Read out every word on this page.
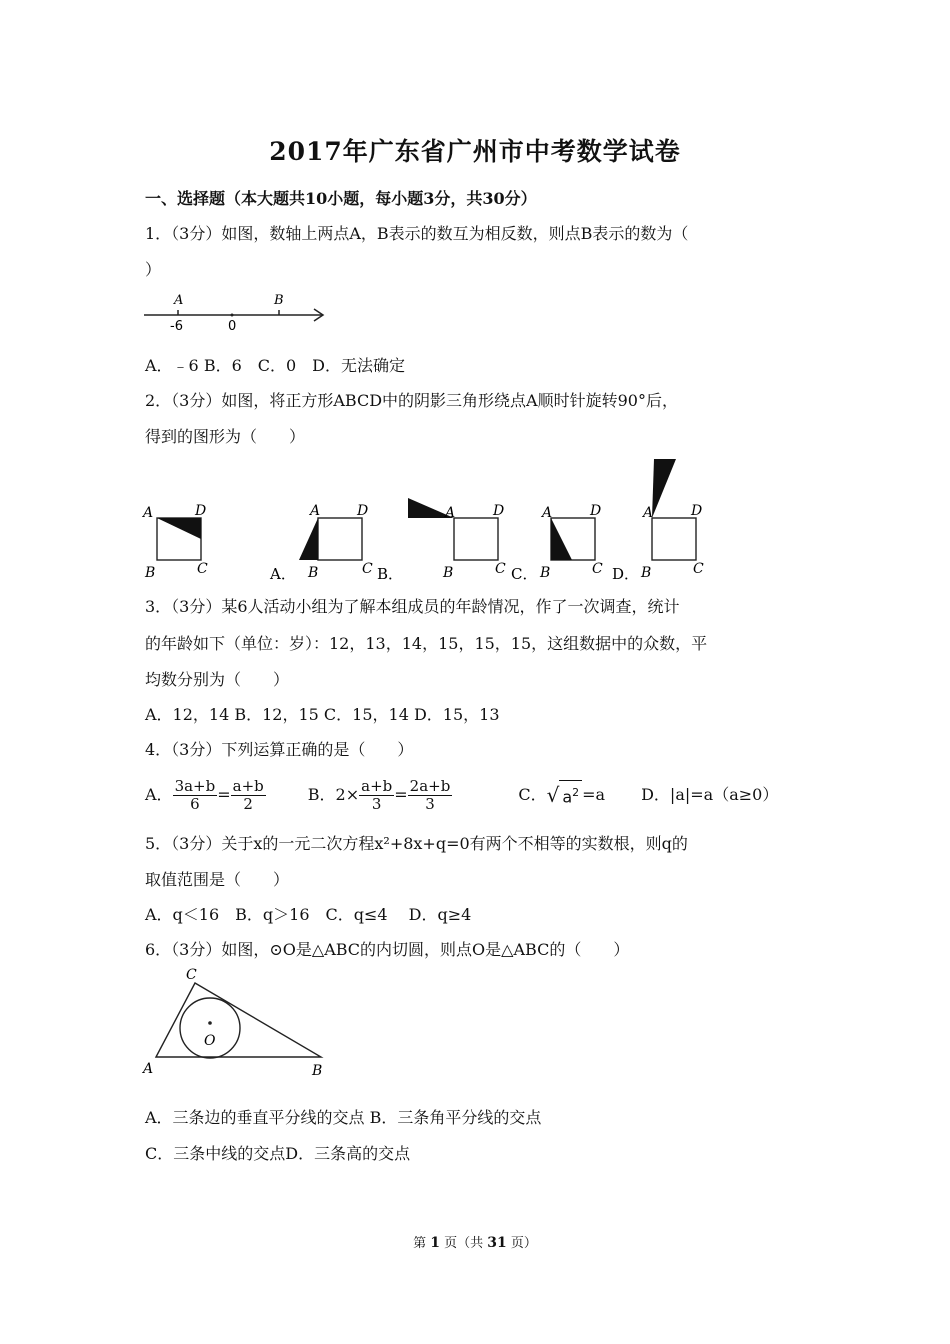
2017年广东省广州市中考数学试卷
一、选择题（本大题共10小题，每小题3分，共30分）
1．（3分）如图，数轴上两点A，B表示的数互为相反数，则点B表示的数为（
）
A	B
-6	0
A．﹣6 B．6　C．0　D．无法确定
2．（3分）如图，将正方形ABCD中的阴影三角形绕点A顺时针旋转90°后，
得到的图形为（　　）
A	D
B	C
A	D
B	C
A	D
B	C
A	D
B	C
A	D
B	C
A．	B．	C．	D．
3．（3分）某6人活动小组为了解本组成员的年龄情况，作了一次调查，统计
的年龄如下（单位：岁）：12，13，14，15，15，15，这组数据中的众数，平
均数分别为（　　）
A．12，14 B．12，15 C．15，14 D．15，13
4．（3分）下列运算正确的是（　　）
A． $\frac{3a+b}{6} = \frac{a+b}{2}$	B．$2\times \frac{a+b}{3} = \frac{2a+b}{3}$	C． √ $a^2 =a$ D．|a|=a（a≥0）
5．（3分）关于x的一元二次方程x²+8x+q=0有两个不相等的实数根，则q的
取值范围是（　　）
A．q＜16　B．q＞16　C．q≤4　 D．q≥4
6．（3分）如图，⊙O是△ABC的内切圆，则点O是△ABC的（　　）
C
A	B
O
A．三条边的垂直平分线的交点 B．三条角平分线的交点
C．三条中线的交点D．三条高的交点
第 1 页（共 31 页）
